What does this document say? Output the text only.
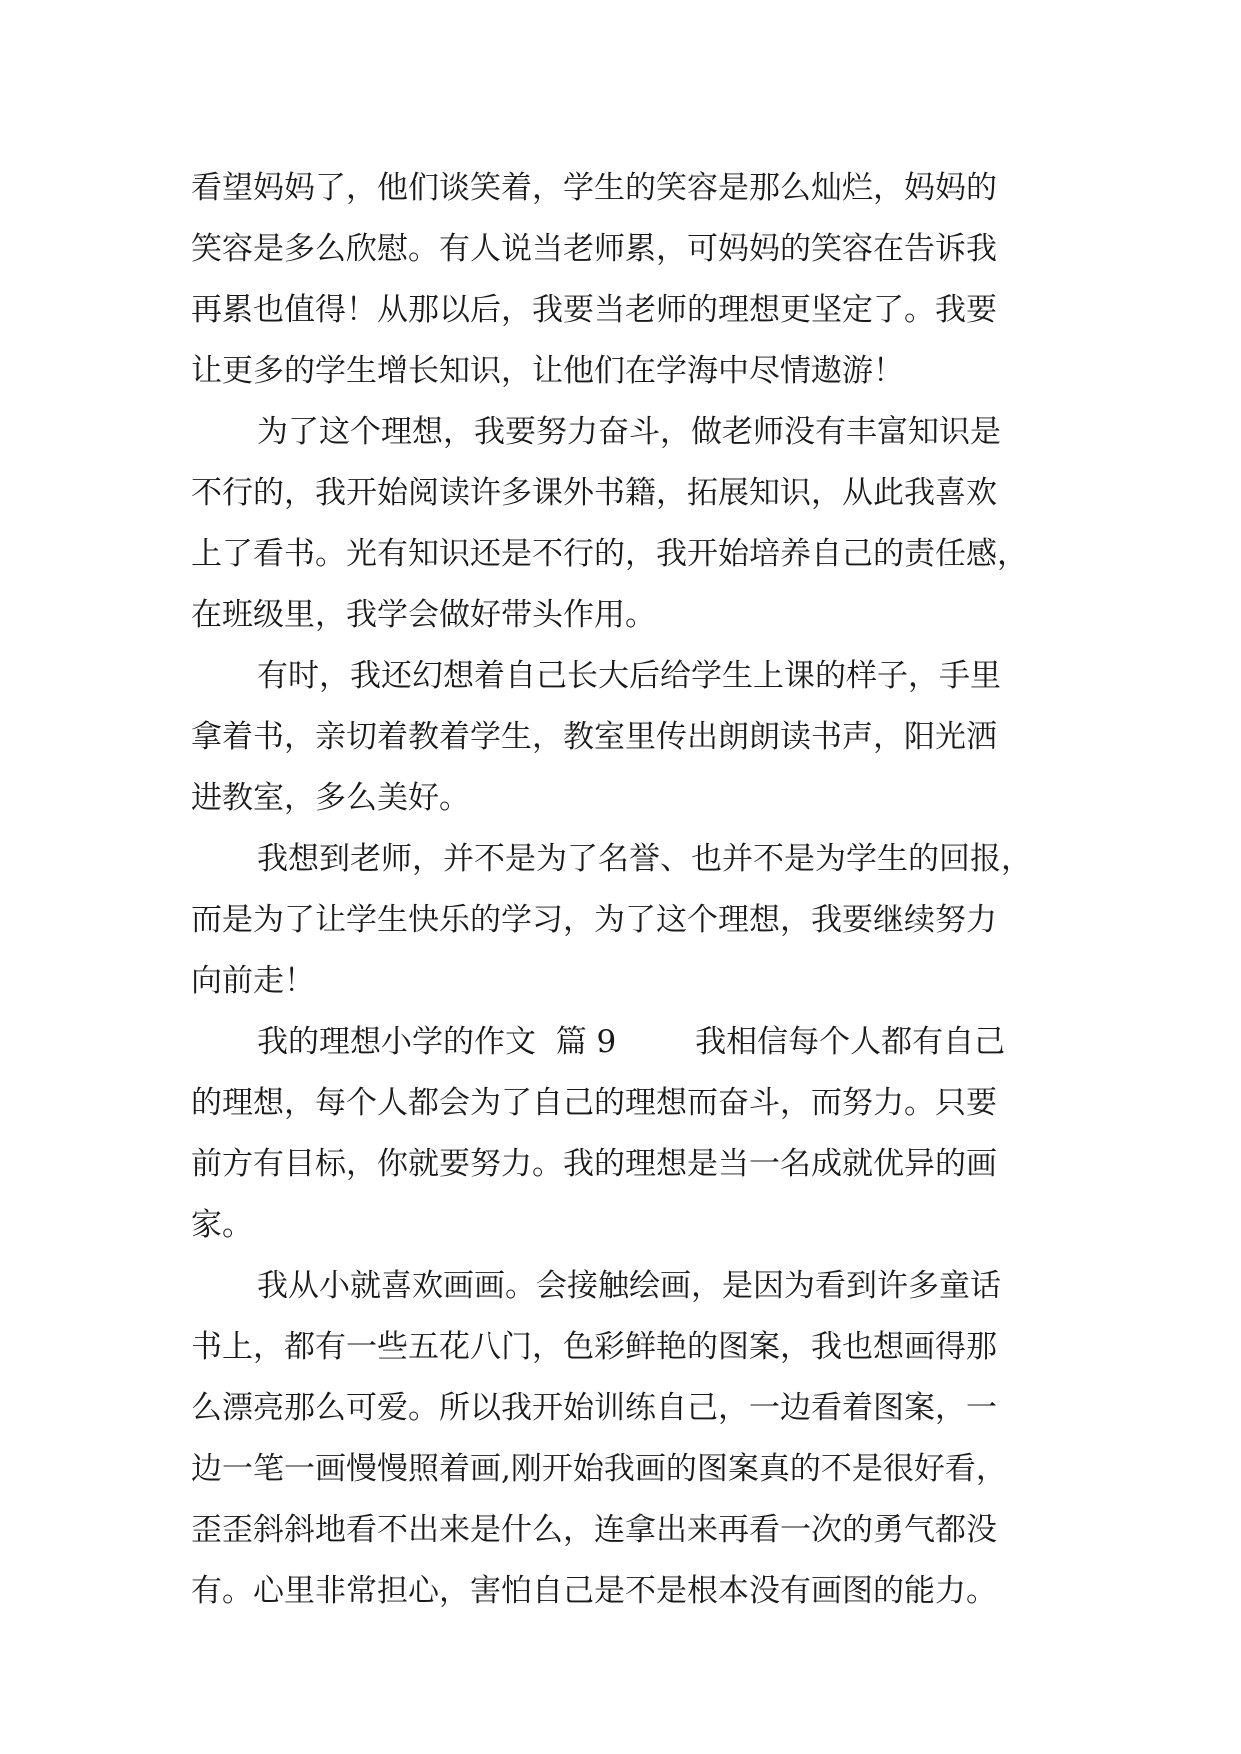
看望妈妈了，他们谈笑着，学生的笑容是那么灿烂，妈妈的
笑容是多么欣慰。有人说当老师累，可妈妈的笑容在告诉我
再累也值得！从那以后，我要当老师的理想更坚定了。我要
让更多的学生增长知识，让他们在学海中尽情遨游！
为了这个理想，我要努力奋斗，做老师没有丰富知识是
不行的，我开始阅读许多课外书籍，拓展知识，从此我喜欢
上了看书。光有知识还是不行的，我开始培养自己的责任感，
在班级里，我学会做好带头作用。
有时，我还幻想着自己长大后给学生上课的样子，手里
拿着书，亲切着教着学生，教室里传出朗朗读书声，阳光洒
进教室，多么美好。
我想到老师，并不是为了名誉、也并不是为学生的回报，
而是为了让学生快乐的学习，为了这个理想，我要继续努力
向前走！
我的理想小学的作文  篇 9        我相信每个人都有自己
的理想，每个人都会为了自己的理想而奋斗，而努力。只要
前方有目标，你就要努力。我的理想是当一名成就优异的画
家。
我从小就喜欢画画。会接触绘画，是因为看到许多童话
书上，都有一些五花八门，色彩鲜艳的图案，我也想画得那
么漂亮那么可爱。所以我开始训练自己，一边看着图案，一
边一笔一画慢慢照着画,刚开始我画的图案真的不是很好看，
歪歪斜斜地看不出来是什么，连拿出来再看一次的勇气都没
有。心里非常担心，害怕自己是不是根本没有画图的能力。
